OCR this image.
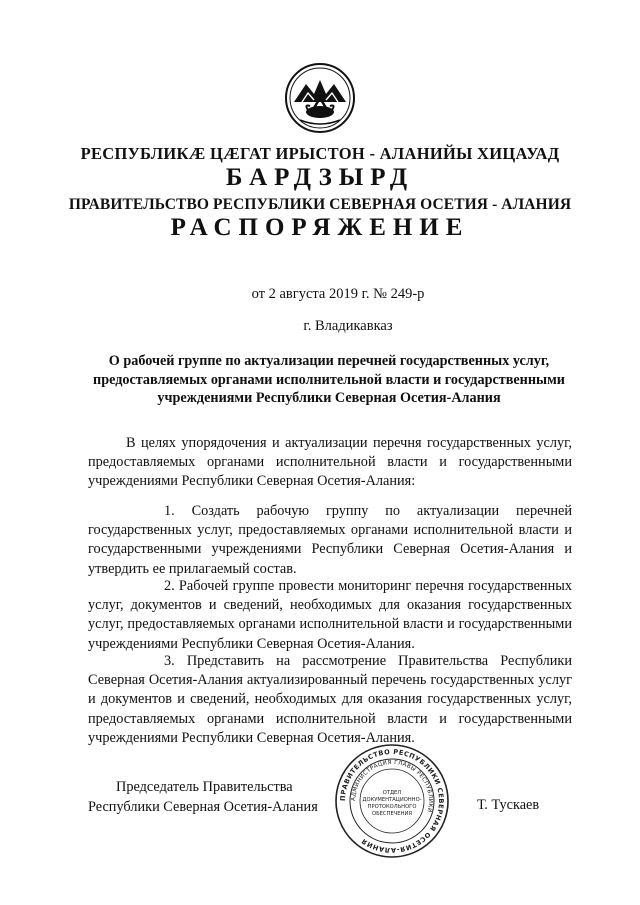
РЕСПУБЛИКӔ ЦӔГАТ ИРЫСТОН - АЛАНИЙЫ ХИЦАУАД
БАРДЗЫРД
ПРАВИТЕЛЬСТВО РЕСПУБЛИКИ СЕВЕРНАЯ ОСЕТИЯ - АЛАНИЯ
РАСПОРЯЖЕНИЕ
от 2 августа 2019 г. № 249-р
г. Владикавказ
О рабочей группе по актуализации перечней государственных услуг, предоставляемых органами исполнительной власти и государственными учреждениями Республики Северная Осетия-Алания
В целях упорядочения и актуализации перечня государственных услуг, предоставляемых органами исполнительной власти и государственными учреждениями Республики Северная Осетия-Алания:
1. Создать рабочую группу по актуализации перечней государственных услуг, предоставляемых органами исполнительной власти и государственными учреждениями Республики Северная Осетия-Алания и утвердить ее прилагаемый состав.
2. Рабочей группе провести мониторинг перечня государственных услуг, документов и сведений, необходимых для оказания государственных услуг, предоставляемых органами исполнительной власти и государственными учреждениями Республики Северная Осетия-Алания.
3. Представить на рассмотрение Правительства Республики Северная Осетия-Алания актуализированный перечень государственных услуг и документов и сведений, необходимых для оказания государственных услуг, предоставляемых органами исполнительной власти и государственными учреждениями Республики Северная Осетия-Алания.
Председатель Правительства
Республики Северная Осетия-Алания
ПРАВИТЕЛЬСТВО РЕСПУБЛИКИ СЕВЕРНАЯ ОСЕТИЯ-АЛАНИЯ
АДМИНИСТРАЦИЯ ГЛАВЫ РЕСПУБЛИКИ
ОТДЕЛ
ДОКУМЕНТАЦИОННО-
ПРОТОКОЛЬНОГО
ОБЕСПЕЧЕНИЯ
Т. Тускаев
